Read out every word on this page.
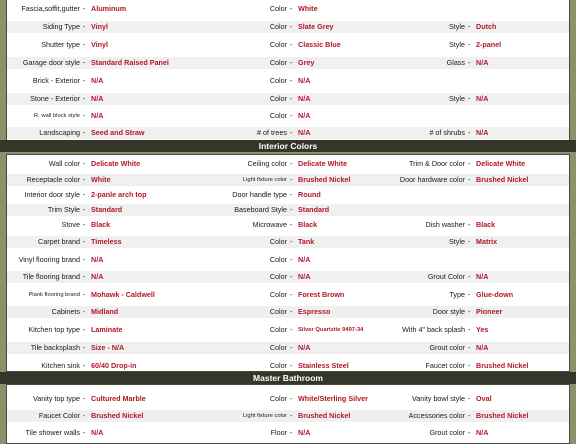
Fascia,soffit,gutter - Aluminum	Color - White
Siding Type - Vinyl	Color - Slate Grey	Style - Dutch
Shutter type - Vinyl	Color - Classic Blue	Style - 2-panel
Garage door style - Standard Raised Panel	Color - Grey	Glass - N/A
Brick - Exterior - N/A	Color - N/A
Stone - Exterior - N/A	Color - N/A	Style - N/A
R. wall block style - N/A	Color - N/A
Landscaping - Seed and Straw	# of trees - N/A	# of shrubs - N/A
Interior Colors
Wall color - Delicate White	Ceiling color - Delicate White	Trim & Door color - Delicate White
Receptacle color - White	Light fixture color - Brushed Nickel	Door hardware color - Brushed Nickel
Interior door style - 2-panle arch top	Door handle type - Round
Trim Style - Standard	Baseboard Style - Standard
Stove - Black	Microwave - Black	Dish washer - Black
Carpet brand - Timeless	Color - Tank	Style - Matrix
Vinyl flooring brand - N/A	Color - N/A
Tile flooring brand - N/A	Color - N/A	Grout Color - N/A
Plank flooring brand - Mohawk - Caldwell	Color - Forest Brown	Type - Glue-down
Cabinets - Midland	Color - Espresso	Door style - Pioneer
Kitchen top type - Laminate	Color - Silver Quartzite 9497-34	With 4" back splash - Yes
Tile backsplash - Size - N/A	Color - N/A	Grout color - N/A
Kitchen sink - 60/40 Drop-in	Color - Stainless Steel	Faucet color - Brushed Nickel
Master Bathroom
Vanity top type - Cultured Marble	Color - White/Sterling Silver	Vanity bowl style - Oval
Faucet Color - Brushed Nickel	Light fixture color - Brushed Nickel	Accessories color - Brushed Nickel
Tile shower walls - N/A	Floor - N/A	Grout color - N/A
